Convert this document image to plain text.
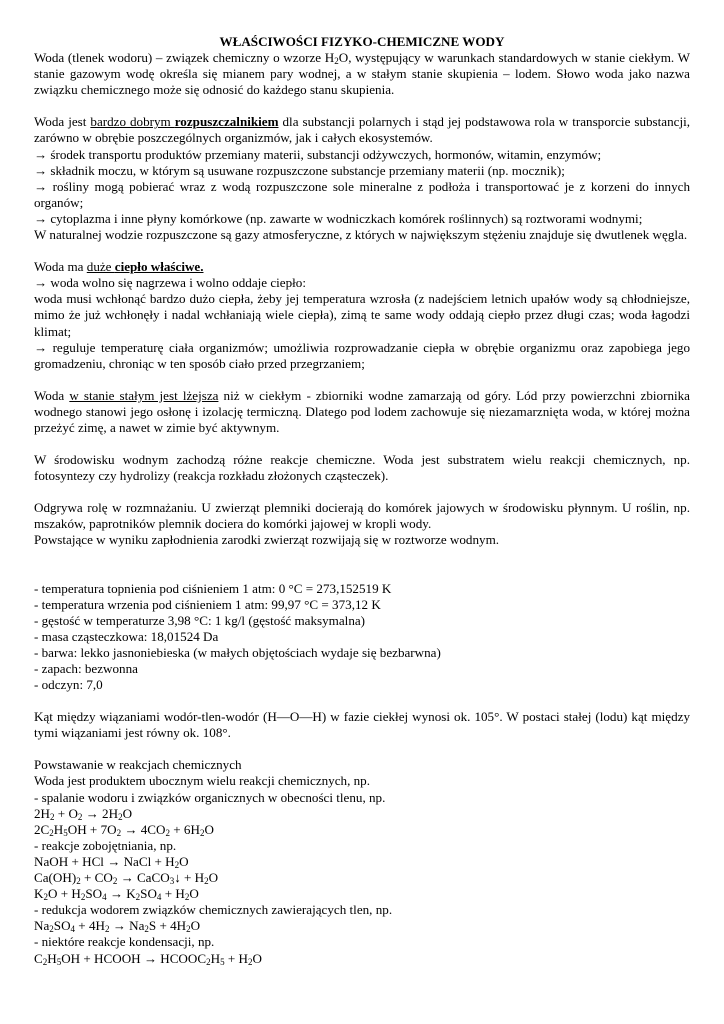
WŁAŚCIWOŚCI FIZYKO-CHEMICZNE WODY

Woda (tlenek wodoru) – związek chemiczny o wzorze $H_2O$, występujący w warunkach standardowych w stanie ciekłym. W stanie gazowym wodę określa się mianem pary wodnej, a w stałym stanie skupienia – lodem. Słowo woda jako nazwa związku chemicznego może się odnosić do każdego stanu skupienia.

Woda jest bardzo dobrym rozpuszczalnikiem dla substancji polarnych i stąd jej podstawowa rola w transporcie substancji, zarówno w obrębie poszczególnych organizmów, jak i całych ekosystemów.

→ środek transportu produktów przemiany materii, substancji odżywczych, hormonów, witamin, enzymów;

→ składnik moczu, w którym są usuwane rozpuszczone substancje przemiany materii (np. mocznik);

→ rośliny mogą pobierać wraz z wodą rozpuszczone sole mineralne z podłoża i transportować je z korzeni do innych organów;

→ cytoplazma i inne płyny komórkowe (np. zawarte w wodniczkach komórek roślinnych) są roztworami wodnymi;

W naturalnej wodzie rozpuszczone są gazy atmosferyczne, z których w największym stężeniu znajduje się dwutlenek węgla.

Woda ma duże ciepło właściwe.

→ woda wolno się nagrzewa i wolno oddaje ciepło:

woda musi wchłonąć bardzo dużo ciepła, żeby jej temperatura wzrosła (z nadejściem letnich upałów wody są chłodniejsze, mimo że już wchłonęły i nadal wchłaniają wiele ciepła), zimą te same wody oddają ciepło przez długi czas; woda łagodzi klimat;

→ reguluje temperaturę ciała organizmów; umożliwia rozprowadzanie ciepła w obrębie organizmu oraz zapobiega jego gromadzeniu, chroniąc w ten sposób ciało przed przegrzaniem;

Woda w stanie stałym jest lżejsza niż w ciekłym - zbiorniki wodne zamarzają od góry. Lód przy powierzchni zbiornika wodnego stanowi jego osłonę i izolację termiczną. Dlatego pod lodem zachowuje się niezamarznięta woda, w której można przeżyć zimę, a nawet w zimie być aktywnym.

W środowisku wodnym zachodzą różne reakcje chemiczne. Woda jest substratem wielu reakcji chemicznych, np. fotosyntezy czy hydrolizy (reakcja rozkładu złożonych cząsteczek).

Odgrywa rolę w rozmnażaniu. U zwierząt plemniki docierają do komórek jajowych w środowisku płynnym. U roślin, np. mszaków, paprotników plemnik dociera do komórki jajowej w kropli wody.

Powstające w wyniku zapłodnienia zarodki zwierząt rozwijają się w roztworze wodnym.

- temperatura topnienia pod ciśnieniem 1 atm: 0 °C = 273,152519 K

- temperatura wrzenia pod ciśnieniem 1 atm: 99,97 °C = 373,12 K

- gęstość w temperaturze 3,98 °C: 1 kg/l (gęstość maksymalna)

- masa cząsteczkowa: 18,01524 Da

- barwa: lekko jasnoniebieska (w małych objętościach wydaje się bezbarwna)

- zapach: bezwonna

- odczyn: 7,0

Kąt między wiązaniami wodór-tlen-wodór (H—O—H) w fazie ciekłej wynosi ok. 105°. W postaci stałej (lodu) kąt między tymi wiązaniami jest równy ok. 108°.

Powstawanie w reakcjach chemicznych

Woda jest produktem ubocznym wielu reakcji chemicznych, np.

- spalanie wodoru i związków organicznych w obecności tlenu, np.

$2H_2 + O_2 \to 2H_2O$

$2C_2H_5OH + 7O_2 \to 4CO_2 + 6H_2O$

- reakcje zobojętniania, np.

NaOH + HCl → NaCl + $H_2O$

$Ca(OH)_2 + CO_2$ → CaCO$_3$↓ + $H_2O$

$K_2O + H_2SO_4 \to K_2SO_4 + H_2O$

- redukcja wodorem związków chemicznych zawierających tlen, np.

$Na_2SO_4 + 4H_2 \to Na_2S + 4H_2O$

- niektóre reakcje kondensacji, np.

$C_2H_5OH$ + HCOOH → $HCOOC_2H_5 + H_2O$
